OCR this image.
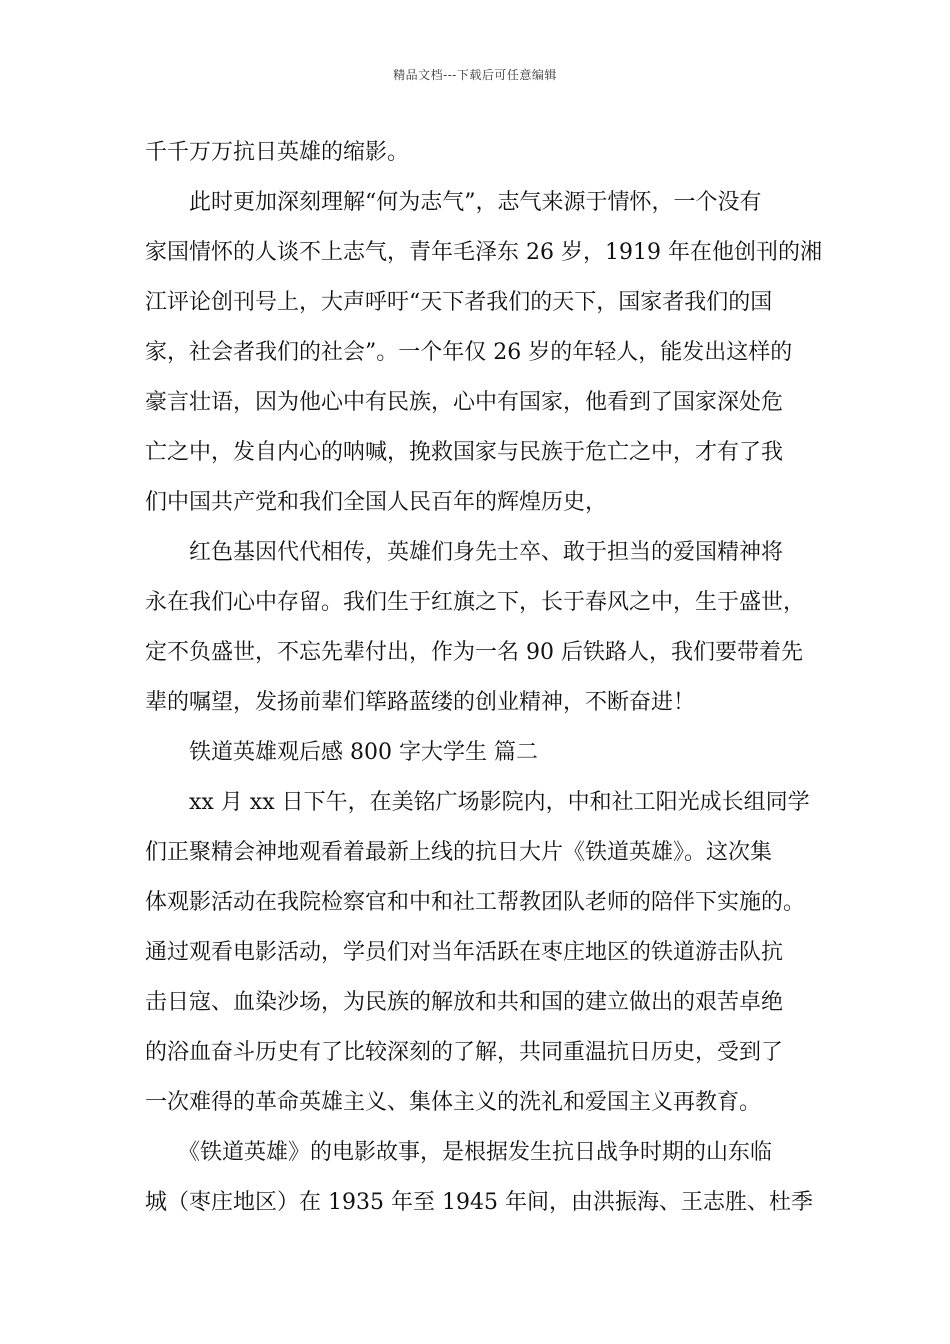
精品文档---下载后可任意编辑
千千万万抗日英雄的缩影。
　　此时更加深刻理解“何为志气”，志气来源于情怀，一个没有
家国情怀的人谈不上志气，青年毛泽东 26 岁，1919 年在他创刊的湘
江评论创刊号上，大声呼吁“天下者我们的天下，国家者我们的国
家，社会者我们的社会”。一个年仅 26 岁的年轻人，能发出这样的
豪言壮语，因为他心中有民族，心中有国家，他看到了国家深处危
亡之中，发自内心的呐喊，挽救国家与民族于危亡之中，才有了我
们中国共产党和我们全国人民百年的辉煌历史，
　　红色基因代代相传，英雄们身先士卒、敢于担当的爱国精神将
永在我们心中存留。我们生于红旗之下，长于春风之中，生于盛世，
定不负盛世，不忘先辈付出，作为一名 90 后铁路人，我们要带着先
辈的嘱望，发扬前辈们筚路蓝缕的创业精神，不断奋进！
　　铁道英雄观后感 800 字大学生 篇二
　　xx 月 xx 日下午，在美铭广场影院内，中和社工阳光成长组同学
们正聚精会神地观看着最新上线的抗日大片《铁道英雄》。这次集
体观影活动在我院检察官和中和社工帮教团队老师的陪伴下实施的。
通过观看电影活动，学员们对当年活跃在枣庄地区的铁道游击队抗
击日寇、血染沙场，为民族的解放和共和国的建立做出的艰苦卓绝
的浴血奋斗历史有了比较深刻的了解，共同重温抗日历史，受到了
一次难得的革命英雄主义、集体主义的洗礼和爱国主义再教育。
　　《铁道英雄》的电影故事，是根据发生抗日战争时期的山东临
城（枣庄地区）在 1935 年至 1945 年间，由洪振海、王志胜、杜季
